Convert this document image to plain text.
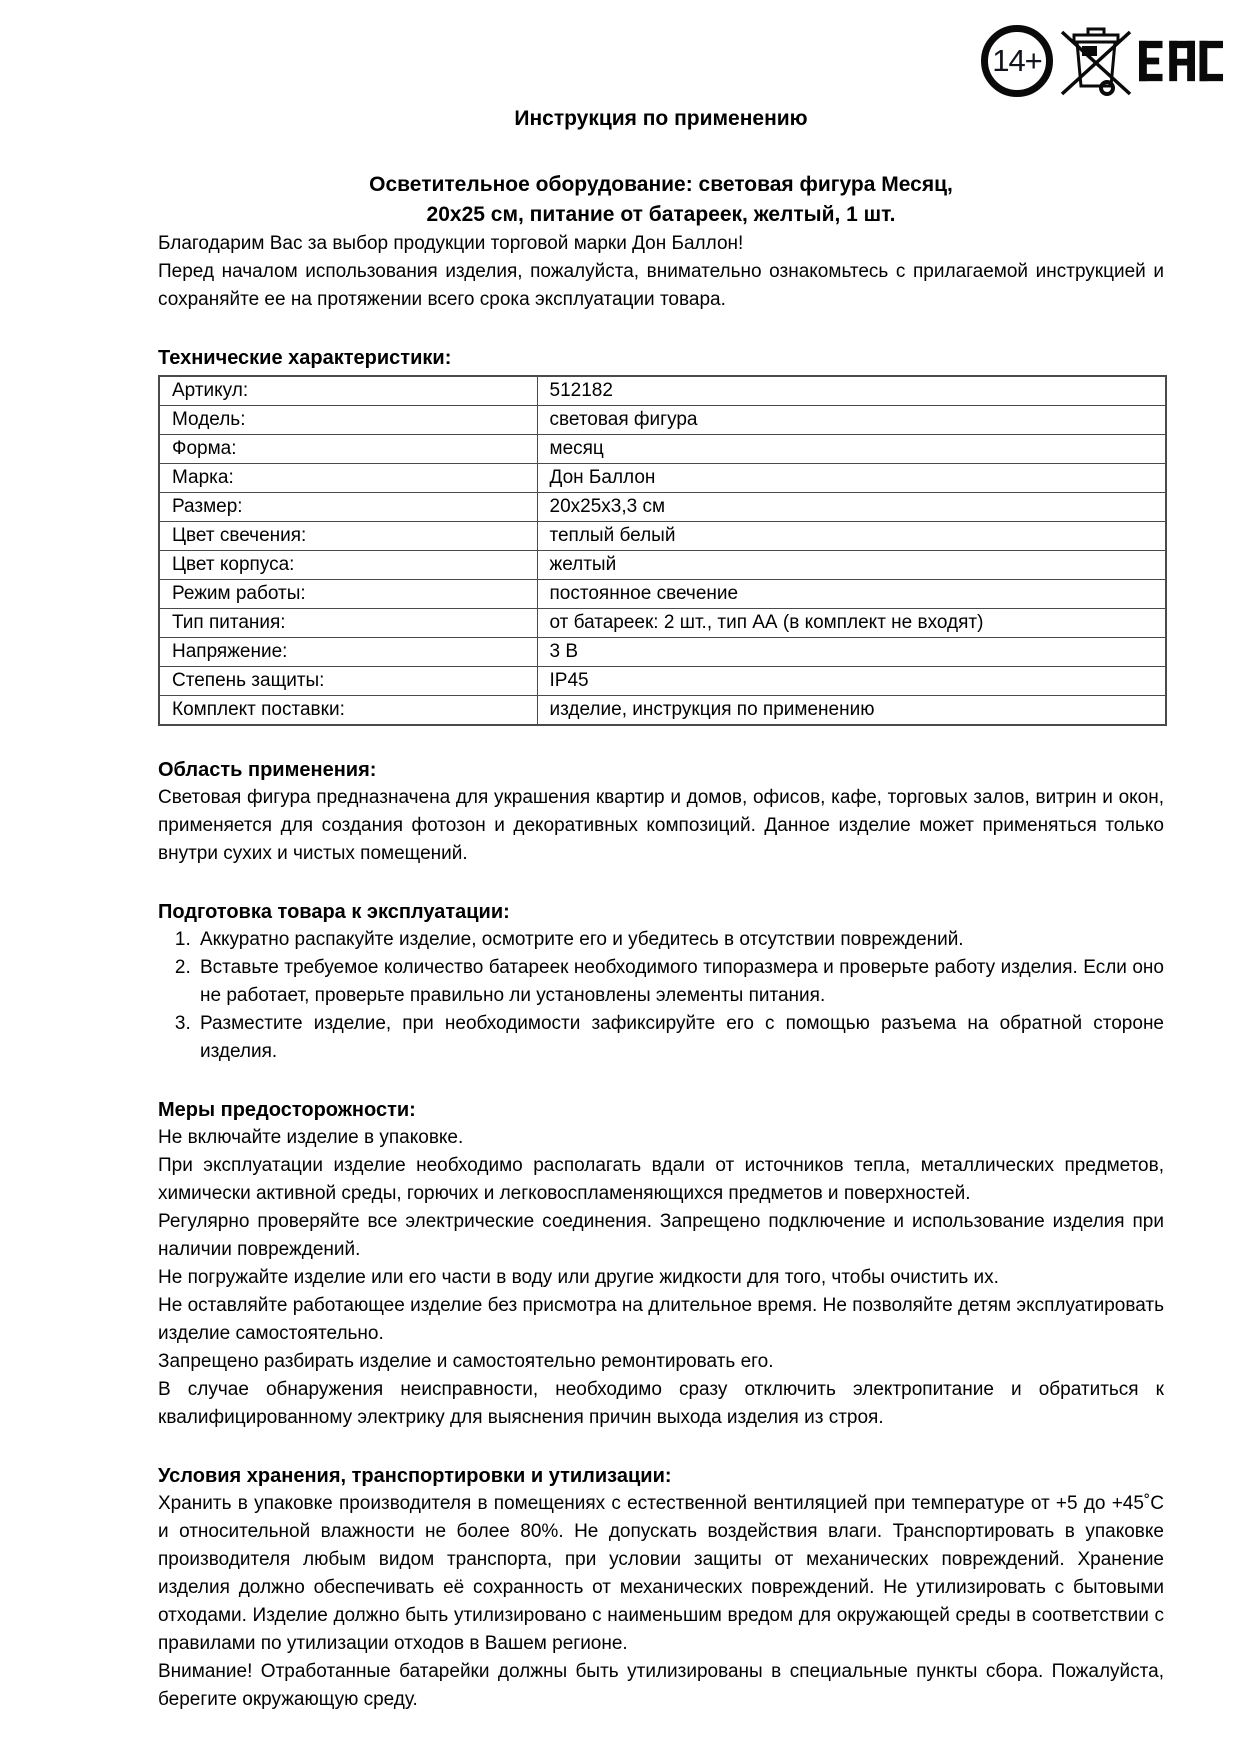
14+
Инструкция по применению
Осветительное оборудование: световая фигура Месяц,
20х25 см, питание от батареек, желтый, 1 шт.

Благодарим Вас за выбор продукции торговой марки Дон Баллон!

Перед началом использования изделия, пожалуйста, внимательно ознакомьтесь с прилагаемой инструкцией и сохраняйте ее на протяжении всего срока эксплуатации товара.

Технические характеристики:
Артикул:	512182
Модель:	световая фигура
Форма:	месяц
Марка:	Дон Баллон
Размер:	20х25х3,3 см
Цвет свечения:	теплый белый
Цвет корпуса:	желтый
Режим работы:	постоянное свечение
Тип питания:	от батареек: 2 шт., тип АА (в комплект не входят)
Напряжение:	3 В
Степень защиты:	IP45
Комплект поставки:	изделие, инструкция по применению
Область применения:

Световая фигура предназначена для украшения квартир и домов, офисов, кафе, торговых залов, витрин и окон, применяется для создания фотозон и декоративных композиций. Данное изделие может применяться только внутри сухих и чистых помещений.

Подготовка товара к эксплуатации:
1. Аккуратно распакуйте изделие, осмотрите его и убедитесь в отсутствии повреждений.
2. Вставьте требуемое количество батареек необходимого типоразмера и проверьте работу изделия. Если оно не работает, проверьте правильно ли установлены элементы питания.
3. Разместите изделие, при необходимости зафиксируйте его с помощью разъема на обратной стороне изделия.
Меры предосторожности:

Не включайте изделие в упаковке.

При эксплуатации изделие необходимо располагать вдали от источников тепла, металлических предметов, химически активной среды, горючих и легковоспламеняющихся предметов и поверхностей.

Регулярно проверяйте все электрические соединения. Запрещено подключение и использование изделия при наличии повреждений.

Не погружайте изделие или его части в воду или другие жидкости для того, чтобы очистить их.

Не оставляйте работающее изделие без присмотра на длительное время. Не позволяйте детям эксплуатировать изделие самостоятельно.

Запрещено разбирать изделие и самостоятельно ремонтировать его.

В случае обнаружения неисправности, необходимо сразу отключить электропитание и обратиться к квалифицированному электрику для выяснения причин выхода изделия из строя.

Условия хранения, транспортировки и утилизации:

Хранить в упаковке производителя в помещениях с естественной вентиляцией при температуре от +5 до +45˚С и относительной влажности не более 80%. Не допускать воздействия влаги. Транспортировать в упаковке производителя любым видом транспорта, при условии защиты от механических повреждений. Хранение изделия должно обеспечивать её сохранность от механических повреждений. Не утилизировать с бытовыми отходами. Изделие должно быть утилизировано с наименьшим вредом для окружающей среды в соответствии с правилами по утилизации отходов в Вашем регионе.

Внимание! Отработанные батарейки должны быть утилизированы в специальные пункты сбора. Пожалуйста, берегите окружающую среду.
